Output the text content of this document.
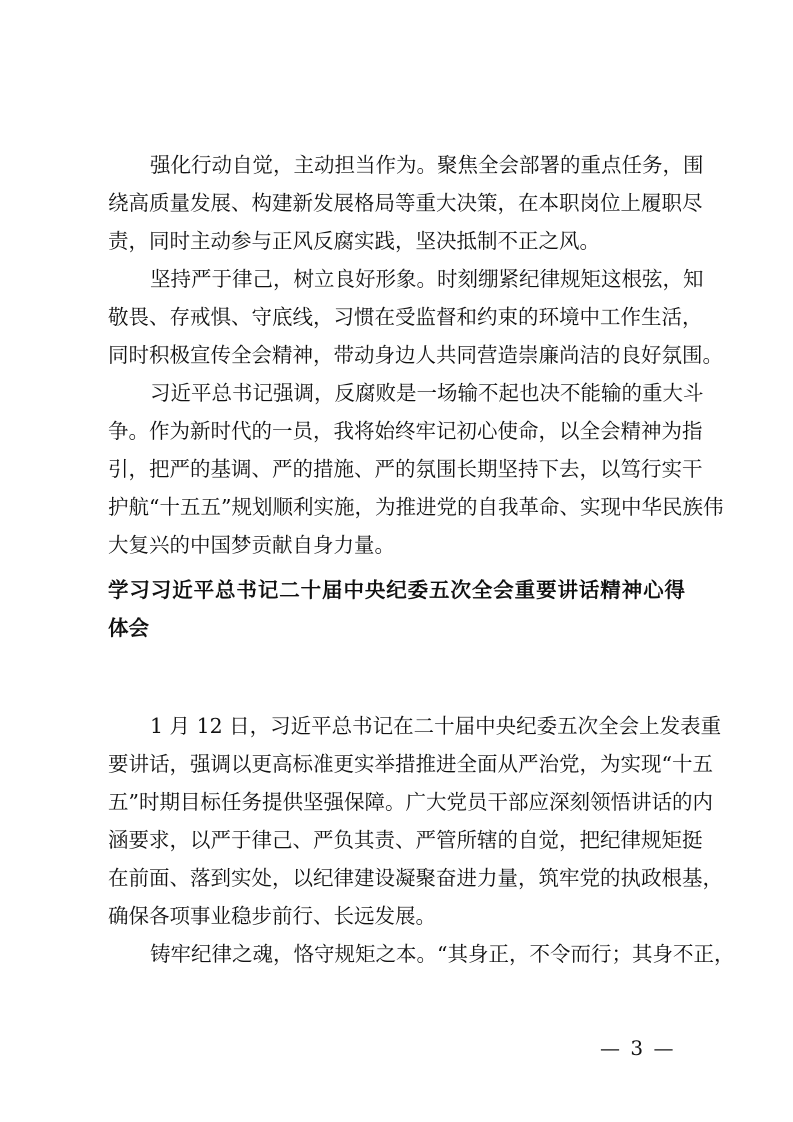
强化行动自觉，主动担当作为。聚焦全会部署的重点任务，围
绕高质量发展、构建新发展格局等重大决策，在本职岗位上履职尽
责，同时主动参与正风反腐实践，坚决抵制不正之风。
坚持严于律己，树立良好形象。时刻绷紧纪律规矩这根弦，知
敬畏、存戒惧、守底线，习惯在受监督和约束的环境中工作生活，
同时积极宣传全会精神，带动身边人共同营造崇廉尚洁的良好氛围。
习近平总书记强调，反腐败是一场输不起也决不能输的重大斗
争。作为新时代的一员，我将始终牢记初心使命，以全会精神为指
引，把严的基调、严的措施、严的氛围长期坚持下去，以笃行实干
护航“十五五”规划顺利实施，为推进党的自我革命、实现中华民族伟
大复兴的中国梦贡献自身力量。
学习习近平总书记二十届中央纪委五次全会重要讲话精神心得
体会
1 月 12 日，习近平总书记在二十届中央纪委五次全会上发表重
要讲话，强调以更高标准更实举措推进全面从严治党，为实现“十五
五”时期目标任务提供坚强保障。广大党员干部应深刻领悟讲话的内
涵要求，以严于律己、严负其责、严管所辖的自觉，把纪律规矩挺
在前面、落到实处，以纪律建设凝聚奋进力量，筑牢党的执政根基，
确保各项事业稳步前行、长远发展。
铸牢纪律之魂，恪守规矩之本。“其身正，不令而行；其身不正，
— 3 —
